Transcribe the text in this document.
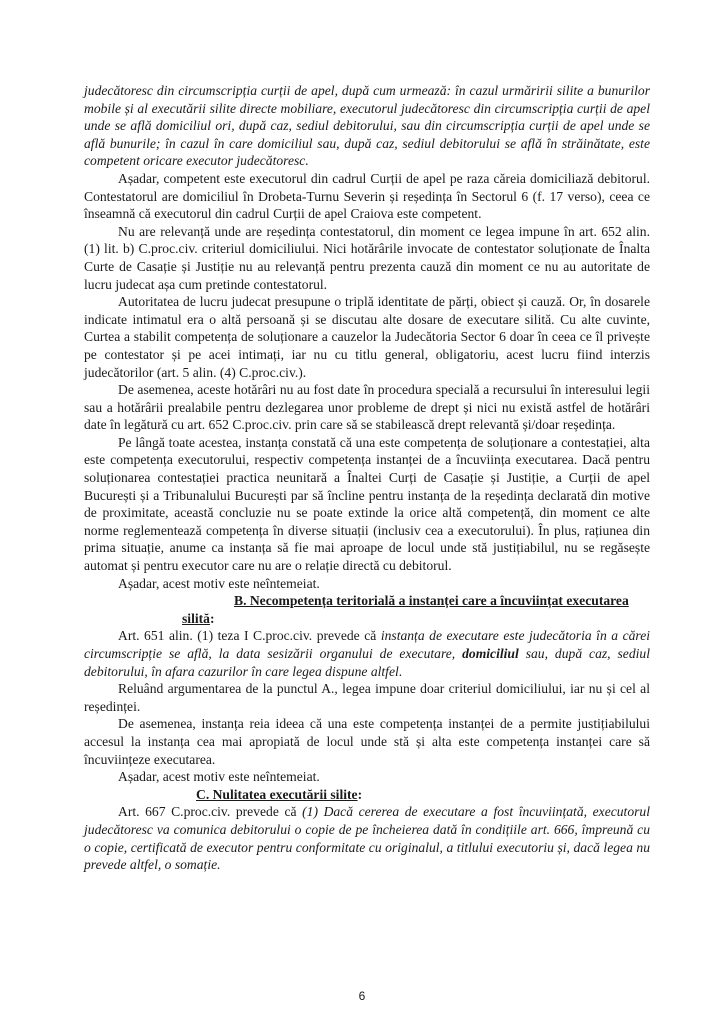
judecătoresc din circumscripția curții de apel, după cum urmează: în cazul urmăririi silite a bunurilor mobile și al executării silite directe mobiliare, executorul judecătoresc din circumscripția curții de apel unde se află domiciliul ori, după caz, sediul debitorului, sau din circumscripția curții de apel unde se află bunurile; în cazul în care domiciliul sau, după caz, sediul debitorului se află în străinătate, este competent oricare executor judecătoresc.

Așadar, competent este executorul din cadrul Curții de apel pe raza căreia domiciliază debitorul. Contestatorul are domiciliul în Drobeta-Turnu Severin și reședința în Sectorul 6 (f. 17 verso), ceea ce înseamnă că executorul din cadrul Curții de apel Craiova este competent.

Nu are relevanță unde are reședința contestatorul, din moment ce legea impune în art. 652 alin. (1) lit. b) C.proc.civ. criteriul domiciliului. Nici hotărârile invocate de contestator soluționate de Înalta Curte de Casație și Justiție nu au relevanță pentru prezenta cauză din moment ce nu au autoritate de lucru judecat așa cum pretinde contestatorul.

Autoritatea de lucru judecat presupune o triplă identitate de părți, obiect și cauză. Or, în dosarele indicate intimatul era o altă persoană și se discutau alte dosare de executare silită. Cu alte cuvinte, Curtea a stabilit competența de soluționare a cauzelor la Judecătoria Sector 6 doar în ceea ce îl privește pe contestator și pe acei intimați, iar nu cu titlu general, obligatoriu, acest lucru fiind interzis judecătorilor (art. 5 alin. (4) C.proc.civ.).

De asemenea, aceste hotărâri nu au fost date în procedura specială a recursului în interesului legii sau a hotărârii prealabile pentru dezlegarea unor probleme de drept și nici nu există astfel de hotărâri date în legătură cu art. 652 C.proc.civ. prin care să se stabilească drept relevantă și/doar reședința.

Pe lângă toate acestea, instanța constată că una este competența de soluționare a contestației, alta este competența executorului, respectiv competența instanței de a încuviința executarea. Dacă pentru soluționarea contestației practica neunitară a Înaltei Curți de Casație și Justiție, a Curții de apel București și a Tribunalului București par să încline pentru instanța de la reședința declarată din motive de proximitate, această concluzie nu se poate extinde la orice altă competență, din moment ce alte norme reglementează competența în diverse situații (inclusiv cea a executorului). În plus, rațiunea din prima situație, anume ca instanța să fie mai aproape de locul unde stă justițiabilul, nu se regăsește automat și pentru executor care nu are o relație directă cu debitorul.

Așadar, acest motiv este neîntemeiat.

B. Necompetența teritorială a instanței care a încuviințat executarea
silită:

Art. 651 alin. (1) teza I C.proc.civ. prevede că instanța de executare este judecătoria în a cărei circumscripție se află, la data sesizării organului de executare, domiciliul sau, după caz, sediul debitorului, în afara cazurilor în care legea dispune altfel.

Reluând argumentarea de la punctul A., legea impune doar criteriul domiciliului, iar nu și cel al reședinței.

De asemenea, instanța reia ideea că una este competența instanței de a permite justițiabilului accesul la instanța cea mai apropiată de locul unde stă și alta este competența instanței care să încuviințeze executarea.

Așadar, acest motiv este neîntemeiat.

C. Nulitatea executării silite:

Art. 667 C.proc.civ. prevede că (1) Dacă cererea de executare a fost încuviințată, executorul judecătoresc va comunica debitorului o copie de pe încheierea dată în condițiile art. 666, împreună cu o copie, certificată de executor pentru conformitate cu originalul, a titlului executoriu și, dacă legea nu prevede altfel, o somație.

6
